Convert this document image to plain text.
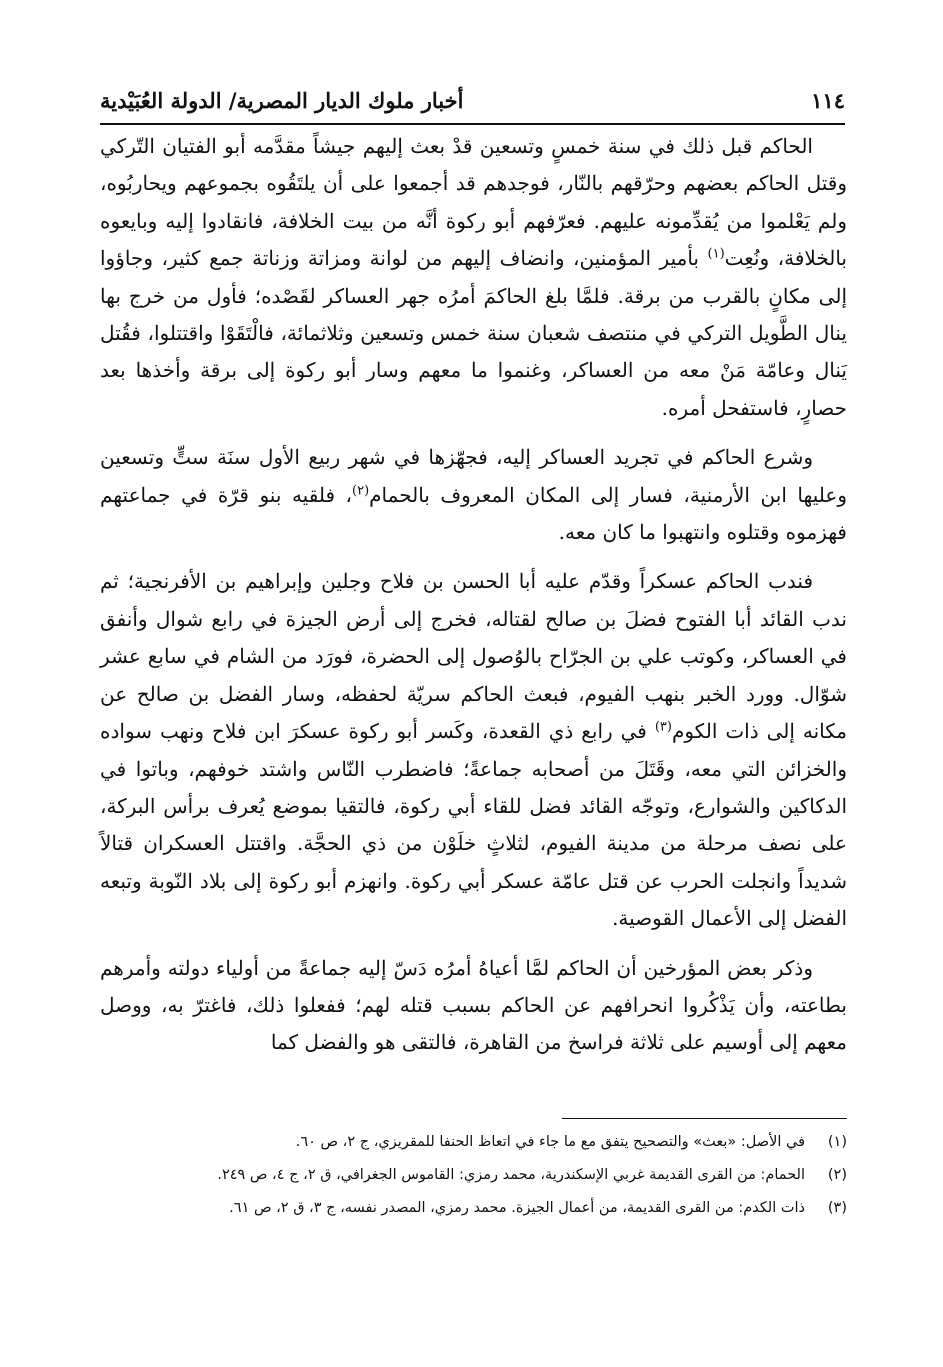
١١٤
أخبار ملوك الديار المصرية/ الدولة العُبَيْدية

الحاكم قبل ذلك في سنة خمسٍ وتسعين قدْ بعث إليهم جيشاً مقدَّمه أبو الفتيان التّركي وقتل الحاكم بعضهم وحرّقهم بالنّار، فوجدهم قد أجمعوا على أن يلتَقُوه بجموعهم ويحاربُوه، ولم يَعْلموا من يُقدِّمونه عليهم. فعرّفهم أبو ركوة أنَّه من بيت الخلافة، فانقادوا إليه وبايعوه بالخلافة، ونُعِت$^{(١)}$ بأمير المؤمنين، وانضاف إليهم من لوانة ومزاتة وزناتة جمع كثير، وجاؤوا إلى مكانٍ بالقرب من برقة. فلمَّا بلغ الحاكمَ أمرُه جهر العساكر لقَصْده؛ فأول من خرج بها ينال الطَّويل التركي في منتصف شعبان سنة خمس وتسعين وثلاثمائة، فالْتَقَوْا واقتتلوا، فقُتل يَنال وعامّة مَنْ معه من العساكر، وغنموا ما معهم وسار أبو ركوة إلى برقة وأخذها بعد حصارٍ، فاستفحل أمره.

وشرع الحاكم في تجريد العساكر إليه، فجهّزها في شهر ربيع الأول سنَة ستٍّ وتسعين وعليها ابن الأرمنية، فسار إلى المكان المعروف بالحمام$^{(٢)}$، فلقيه بنو قرّة في جماعتهم فهزموه وقتلوه وانتهبوا ما كان معه.

فندب الحاكم عسكراً وقدّم عليه أبا الحسن بن فلاح وجلين وإبراهيم بن الأفرنجية؛ ثم ندب القائد أبا الفتوح فضلَ بن صالح لقتاله، فخرج إلى أرض الجيزة في رابع شوال وأنفق في العساكر، وكوتب علي بن الجرّاح بالوُصول إلى الحضرة، فورَد من الشام في سابع عشر شوّال. وورد الخبر بنهب الفيوم، فبعث الحاكم سريّة لحفظه، وسار الفضل بن صالح عن مكانه إلى ذات الكوم$^{(٣)}$ في رابع ذي القعدة، وكَسر أبو ركوة عسكرَ ابن فلاح ونهب سواده والخزائن التي معه، وقَتَلَ من أصحابه جماعةً؛ فاضطرب النّاس واشتد خوفهم، وباتوا في الدكاكين والشوارع، وتوجّه القائد فضل للقاء أبي ركوة، فالتقيا بموضع يُعرف برأس البركة، على نصف مرحلة من مدينة الفيوم، لثلاثٍ خلَوْن من ذي الحجَّة. واقتتل العسكران قتالاً شديداً وانجلت الحرب عن قتل عامّة عسكر أبي ركوة. وانهزم أبو ركوة إلى بلاد النّوبة وتبعه الفضل إلى الأعمال القوصية.

وذكر بعض المؤرخين أن الحاكم لمَّا أعياهُ أمرُه دَسّ إليه جماعةً من أولياء دولته وأمرهم بطاعته، وأن يَذْكُروا انحرافهم عن الحاكم بسبب قتله لهم؛ ففعلوا ذلك، فاغترّ به، ووصل معهم إلى أوسيم على ثلاثة فراسخ من القاهرة، فالتقى هو والفضل كما

(١)
في الأصل: «بعث» والتصحيح يتفق مع ما جاء في اتعاظ الحنفا للمقريزي، ج ٢، ص ٦٠.
(٢)
الحمام: من القرى القديمة غربي الإسكندرية، محمد رمزي: القاموس الجغرافي، ق ٢، ج ٤، ص ٢٤٩.
(٣)
ذات الكدم: من القرى القديمة، من أعمال الجيزة. محمد رمزي، المصدر نفسه، ج ٣، ق ٢، ص ٦١.
